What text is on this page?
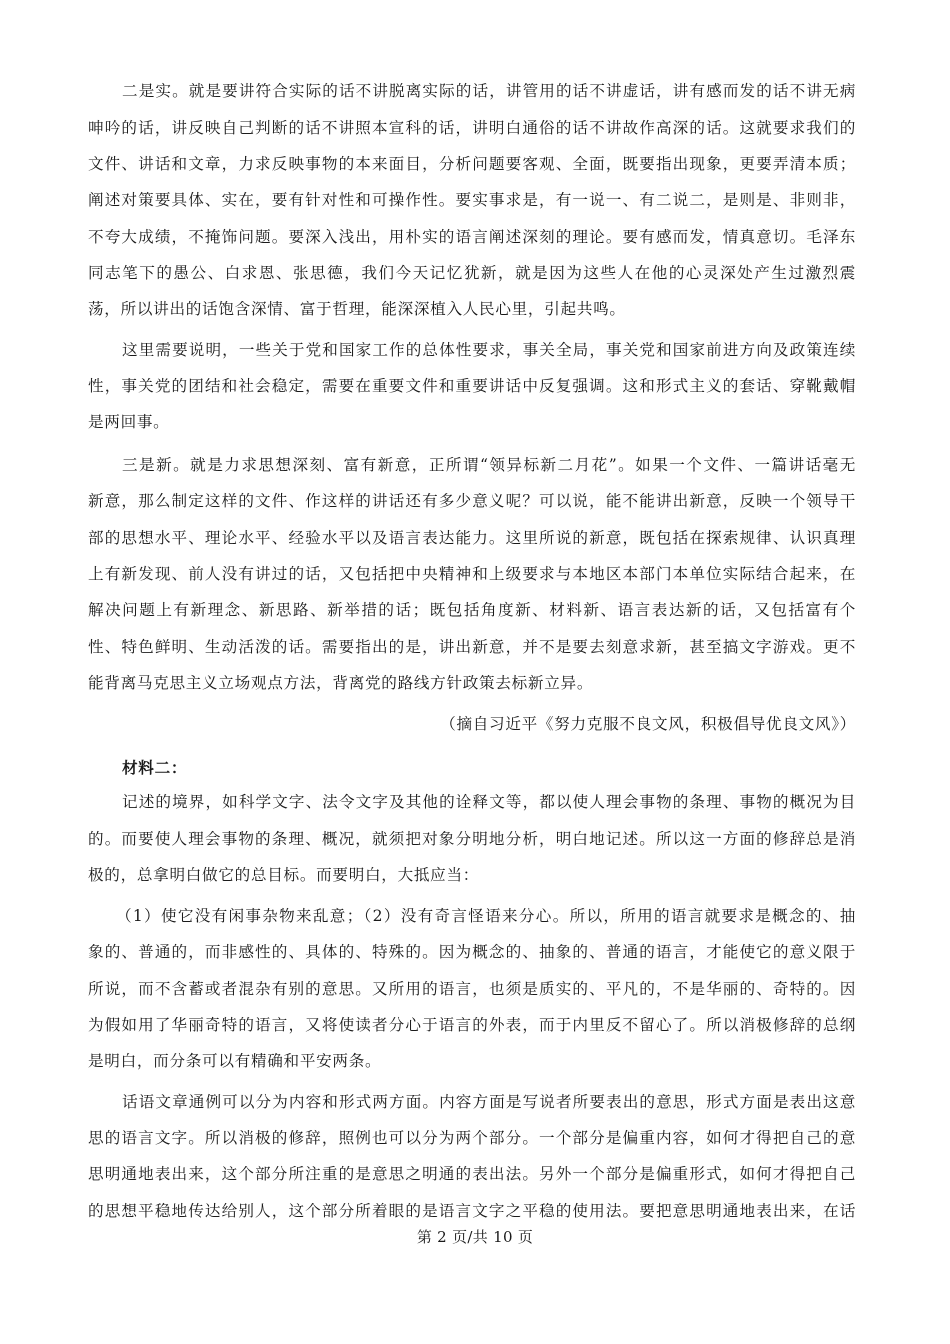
二是实。就是要讲符合实际的话不讲脱离实际的话，讲管用的话不讲虚话，讲有感而发的话不讲无病
呻吟的话，讲反映自己判断的话不讲照本宣科的话，讲明白通俗的话不讲故作高深的话。这就要求我们的
文件、讲话和文章，力求反映事物的本来面目，分析问题要客观、全面，既要指出现象，更要弄清本质；
阐述对策要具体、实在，要有针对性和可操作性。要实事求是，有一说一、有二说二，是则是、非则非，
不夸大成绩，不掩饰问题。要深入浅出，用朴实的语言阐述深刻的理论。要有感而发，情真意切。毛泽东
同志笔下的愚公、白求恩、张思德，我们今天记忆犹新，就是因为这些人在他的心灵深处产生过激烈震
荡，所以讲出的话饱含深情、富于哲理，能深深植入人民心里，引起共鸣。
这里需要说明，一些关于党和国家工作的总体性要求，事关全局，事关党和国家前进方向及政策连续
性，事关党的团结和社会稳定，需要在重要文件和重要讲话中反复强调。这和形式主义的套话、穿靴戴帽
是两回事。
三是新。就是力求思想深刻、富有新意，正所谓“领异标新二月花”。如果一个文件、一篇讲话毫无
新意，那么制定这样的文件、作这样的讲话还有多少意义呢？可以说，能不能讲出新意，反映一个领导干
部的思想水平、理论水平、经验水平以及语言表达能力。这里所说的新意，既包括在探索规律、认识真理
上有新发现、前人没有讲过的话，又包括把中央精神和上级要求与本地区本部门本单位实际结合起来，在
解决问题上有新理念、新思路、新举措的话；既包括角度新、材料新、语言表达新的话，又包括富有个
性、特色鲜明、生动活泼的话。需要指出的是，讲出新意，并不是要去刻意求新，甚至搞文字游戏。更不
能背离马克思主义立场观点方法，背离党的路线方针政策去标新立异。
（摘自习近平《努力克服不良文风，积极倡导优良文风》）
材料二：
记述的境界，如科学文字、法令文字及其他的诠释文等，都以使人理会事物的条理、事物的概况为目
的。而要使人理会事物的条理、概况，就须把对象分明地分析，明白地记述。所以这一方面的修辞总是消
极的，总拿明白做它的总目标。而要明白，大抵应当：
（1）使它没有闲事杂物来乱意；（2）没有奇言怪语来分心。所以，所用的语言就要求是概念的、抽
象的、普通的，而非感性的、具体的、特殊的。因为概念的、抽象的、普通的语言，才能使它的意义限于
所说，而不含蓄或者混杂有别的意思。又所用的语言，也须是质实的、平凡的，不是华丽的、奇特的。因
为假如用了华丽奇特的语言，又将使读者分心于语言的外表，而于内里反不留心了。所以消极修辞的总纲
是明白，而分条可以有精确和平安两条。
话语文章通例可以分为内容和形式两方面。内容方面是写说者所要表出的意思，形式方面是表出这意
思的语言文字。所以消极的修辞，照例也可以分为两个部分。一个部分是偏重内容，如何才得把自己的意
思明通地表出来，这个部分所注重的是意思之明通的表出法。另外一个部分是偏重形式，如何才得把自己
的思想平稳地传达给别人，这个部分所着眼的是语言文字之平稳的使用法。要把意思明通地表出来，在话
第 2 页/共 10 页
